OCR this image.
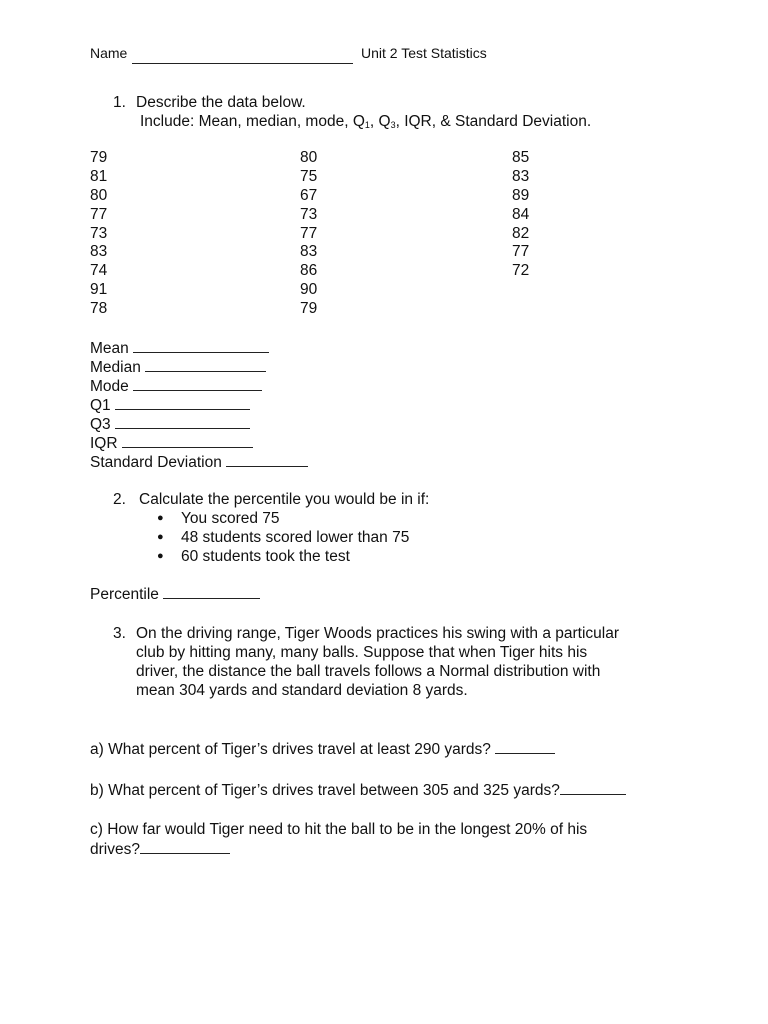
Name	Unit 2 Test Statistics
1. Describe the data below.
Include: Mean, median, mode, $Q_1$, $Q_3$, IQR, & Standard Deviation.
79
81
80
77
73
83
74
91
78
80
75
67
73
77
83
86
90
79
85
83
89
84
82
77
72
Mean
Median
Mode
Q1
Q3
IQR
Standard Deviation
2. Calculate the percentile you would be in if:
● You scored 75
● 48 students scored lower than 75
● 60 students took the test
Percentile
3. On the driving range, Tiger Woods practices his swing with a particular
club by hitting many, many balls. Suppose that when Tiger hits his
driver, the distance the ball travels follows a Normal distribution with
mean 304 yards and standard deviation 8 yards.
a) What percent of Tiger’s drives travel at least 290 yards?
b) What percent of Tiger’s drives travel between 305 and 325 yards?
c) How far would Tiger need to hit the ball to be in the longest 20% of his
drives?
